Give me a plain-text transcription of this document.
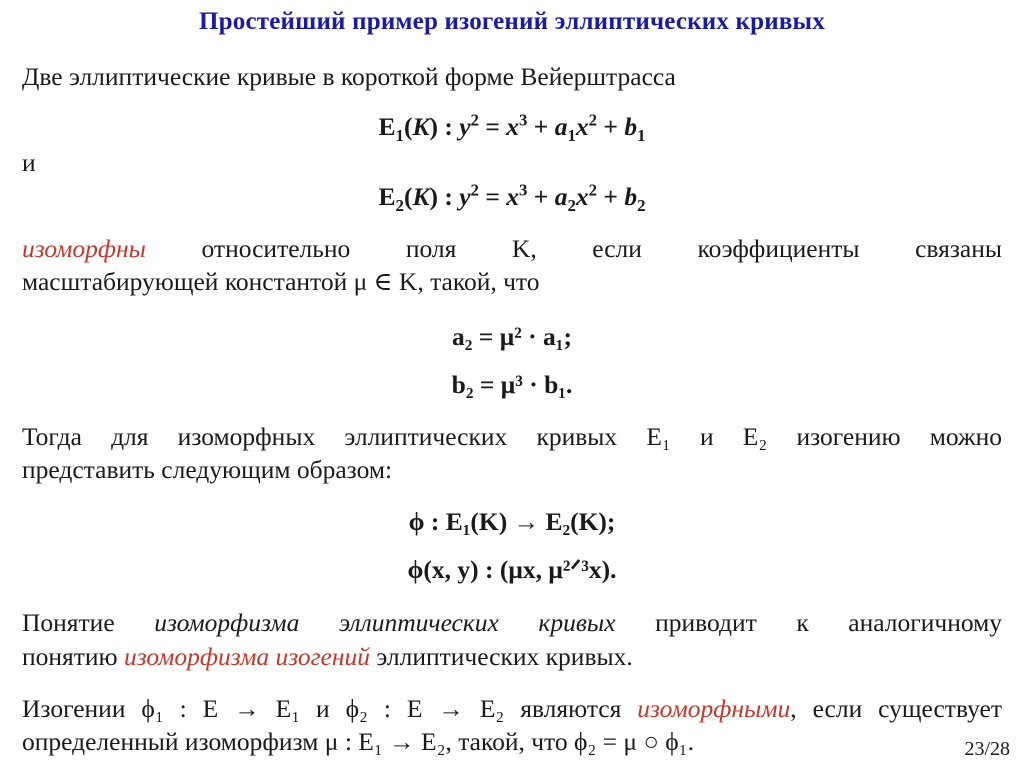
Простейший пример изогений эллиптических кривых
Две эллиптические кривые в короткой форме Вейерштрасса
$E_1(K)$ : $y^2 = x^3 + a_1x^2 + b_1$
и
$E_2(K)$ : $y^2 = x^3 + a_2x^2 + b_2$
изоморфны относительно поля K, если коэффициенты связаны
масштабирующей константой μ ∈ K, такой, что
a₂ = μ² · a₁;
b₂ = μ³ · b₁.
Тогда для изоморфных эллиптических кривых E₁ и E₂ изогению можно
представить следующим образом:
ϕ : E₁(K) → E₂(K);
ϕ(x, y) : (μx, μ²ᐟ³x).
Понятие изоморфизма эллиптических кривых приводит к аналогичному
понятию изоморфизма изогений эллиптических кривых.
Изогении ϕ₁ : E → E₁ и ϕ₂ : E → E₂ являются изоморфными, если существует
определенный изоморфизм μ : E₁ → E₂, такой, что ϕ₂ = μ ○ ϕ₁.	23/28
